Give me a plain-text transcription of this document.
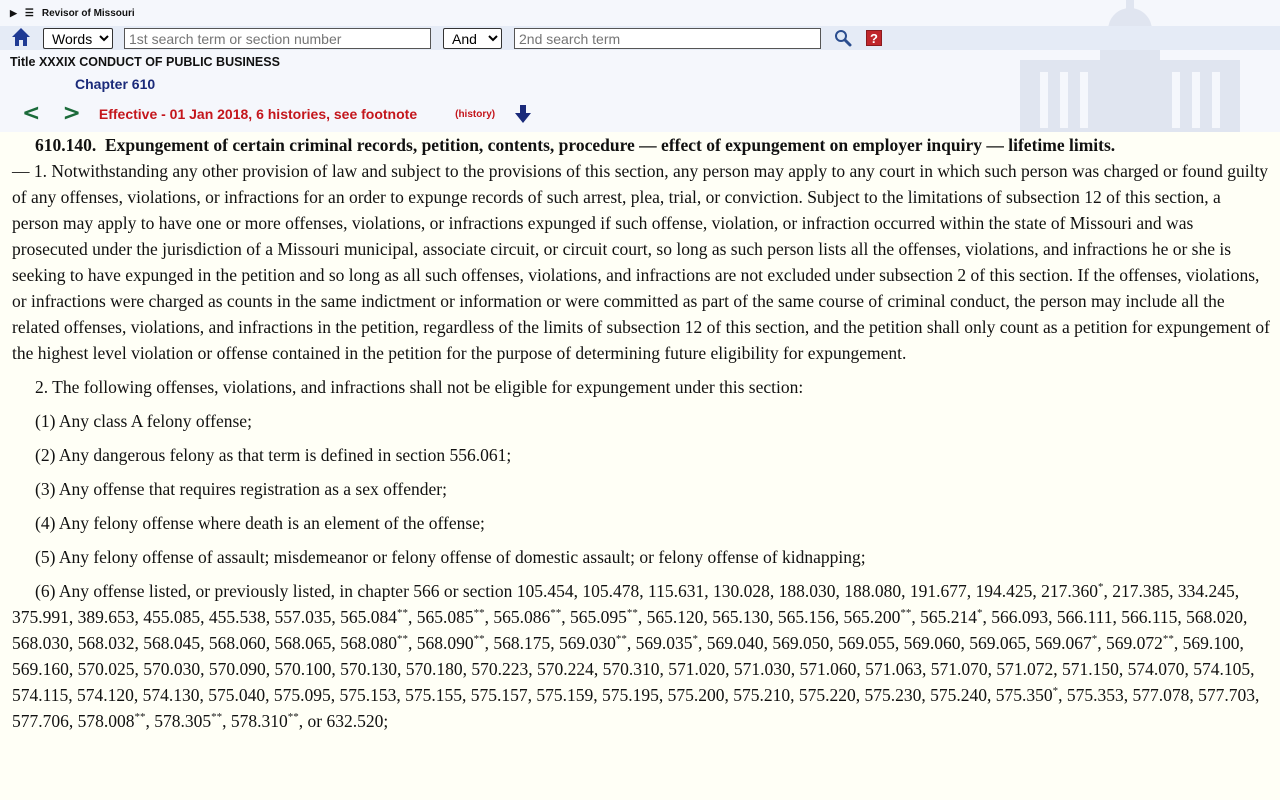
▶ ☰ Revisor of Missouri
Words
1st search term or section number
And
2nd search term
?
Title XXXIX CONDUCT OF PUBLIC BUSINESS
Chapter 610
< > Effective - 01 Jan 2018, 6 histories, see footnote	(history)

610.140. Expungement of certain criminal records, petition, contents, procedure — effect of expungement on employer inquiry — lifetime limits.

— 1. Notwithstanding any other provision of law and subject to the provisions of this section, any person may apply to any court in which such person was charged or found guilty of any offenses, violations, or infractions for an order to expunge records of such arrest, plea, trial, or conviction. Subject to the limitations of subsection 12 of this section, a person may apply to have one or more offenses, violations, or infractions expunged if such offense, violation, or infraction occurred within the state of Missouri and was prosecuted under the jurisdiction of a Missouri municipal, associate circuit, or circuit court, so long as such person lists all the offenses, violations, and infractions he or she is seeking to have expunged in the petition and so long as all such offenses, violations, and infractions are not excluded under subsection 2 of this section. If the offenses, violations, or infractions were charged as counts in the same indictment or information or were committed as part of the same course of criminal conduct, the person may include all the related offenses, violations, and infractions in the petition, regardless of the limits of subsection 12 of this section, and the petition shall only count as a petition for expungement of the highest level violation or offense contained in the petition for the purpose of determining future eligibility for expungement.

2. The following offenses, violations, and infractions shall not be eligible for expungement under this section:

(1) Any class A felony offense;

(2) Any dangerous felony as that term is defined in section 556.061;

(3) Any offense that requires registration as a sex offender;

(4) Any felony offense where death is an element of the offense;

(5) Any felony offense of assault; misdemeanor or felony offense of domestic assault; or felony offense of kidnapping;

(6) Any offense listed, or previously listed, in chapter 566 or section 105.454, 105.478, 115.631, 130.028, 188.030, 188.080, 191.677, 194.425, 217.360*, 217.385, 334.245, 375.991, 389.653, 455.085, 455.538, 557.035, 565.084**, 565.085**, 565.086**, 565.095**, 565.120, 565.130, 565.156, 565.200**, 565.214*, 566.093, 566.111, 566.115, 568.020, 568.030, 568.032, 568.045, 568.060, 568.065, 568.080**, 568.090**, 568.175, 569.030**, 569.035*, 569.040, 569.050, 569.055, 569.060, 569.065, 569.067*, 569.072**, 569.100, 569.160, 570.025, 570.030, 570.090, 570.100, 570.130, 570.180, 570.223, 570.224, 570.310, 571.020, 571.030, 571.060, 571.063, 571.070, 571.072, 571.150, 574.070, 574.105, 574.115, 574.120, 574.130, 575.040, 575.095, 575.153, 575.155, 575.157, 575.159, 575.195, 575.200, 575.210, 575.220, 575.230, 575.240, 575.350*, 575.353, 577.078, 577.703, 577.706, 578.008**, 578.305**, 578.310**, or 632.520;
